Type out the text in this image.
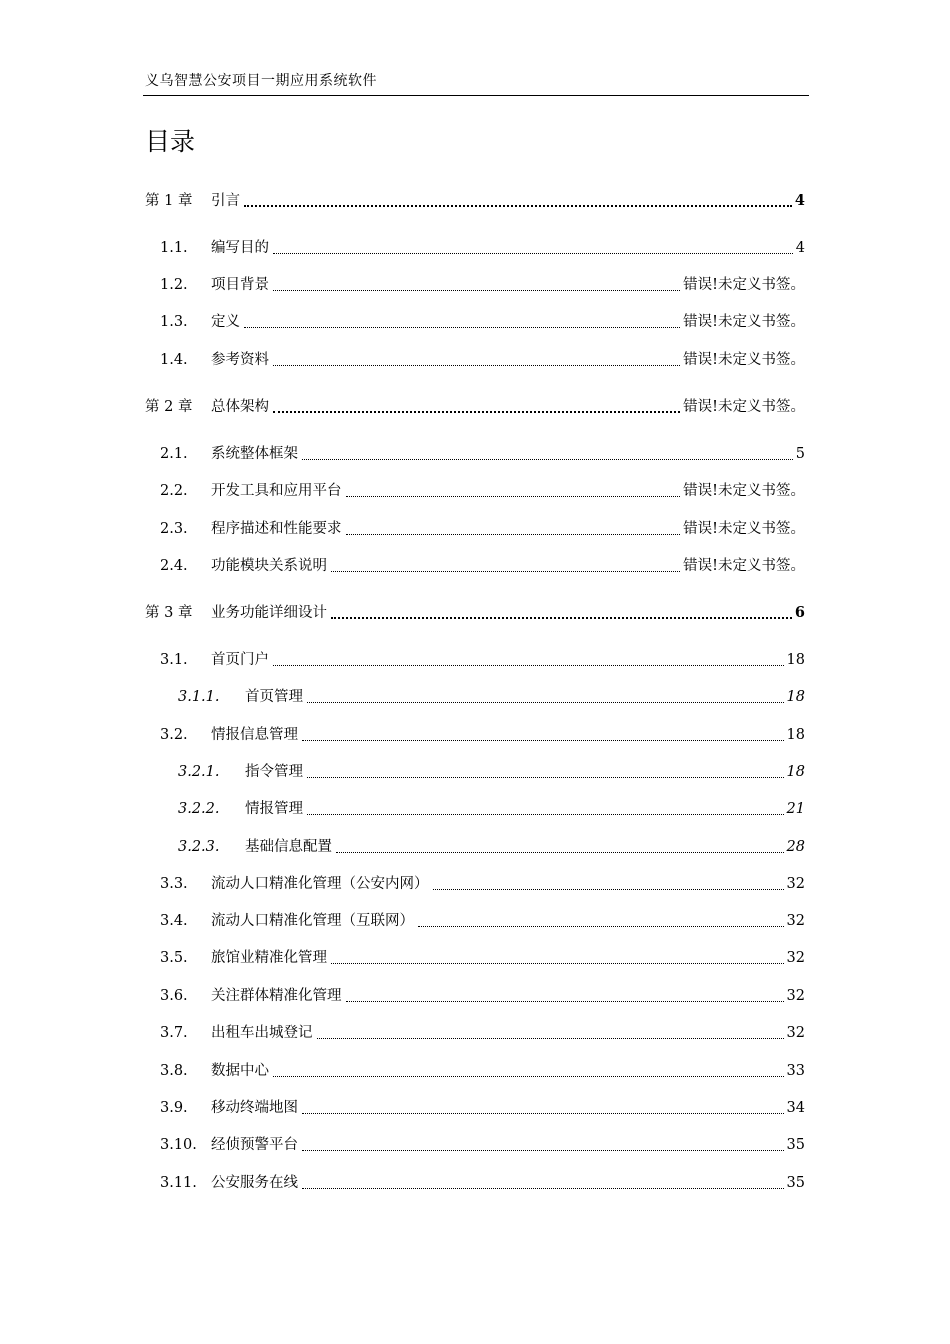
义乌智慧公安项目一期应用系统软件
目录
第 1 章 引言	4
1.1. 编写目的	4
1.2. 项目背景	错误!未定义书签。
1.3. 定义	错误!未定义书签。
1.4. 参考资料	错误!未定义书签。
第 2 章 总体架构	错误!未定义书签。
2.1. 系统整体框架	5
2.2. 开发工具和应用平台	错误!未定义书签。
2.3. 程序描述和性能要求	错误!未定义书签。
2.4. 功能模块关系说明	错误!未定义书签。
第 3 章 业务功能详细设计	6
3.1. 首页门户	18
3.1.1. 首页管理	18
3.2. 情报信息管理	18
3.2.1. 指令管理	18
3.2.2. 情报管理	21
3.2.3. 基础信息配置	28
3.3. 流动人口精准化管理（公安内网）	32
3.4. 流动人口精准化管理（互联网）	32
3.5. 旅馆业精准化管理	32
3.6. 关注群体精准化管理	32
3.7. 出租车出城登记	32
3.8. 数据中心	33
3.9. 移动终端地图	34
3.10. 经侦预警平台	35
3.11. 公安服务在线	35
